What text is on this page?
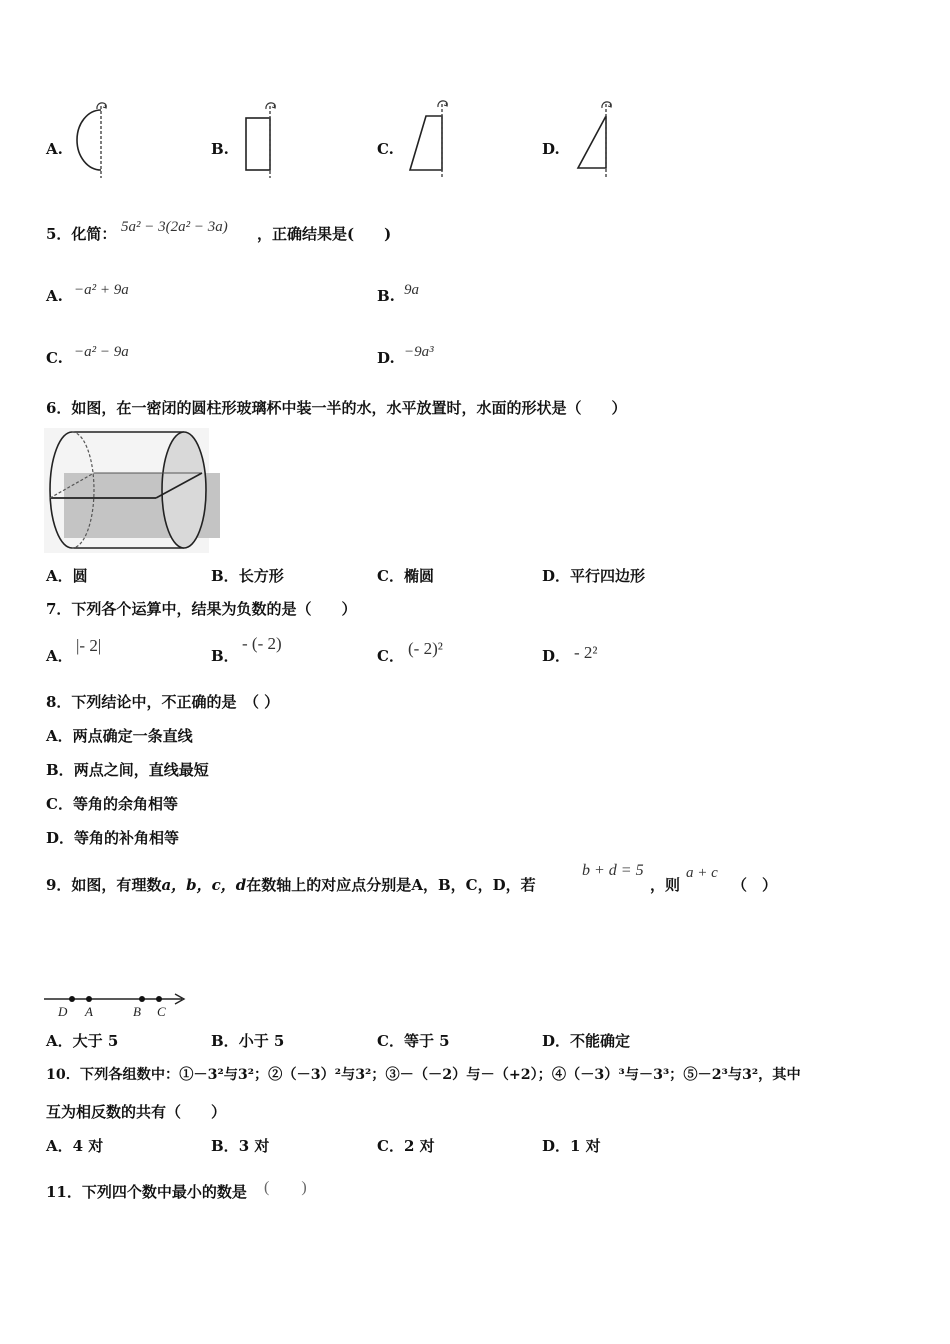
A.	B.	C.	D.
5．化简： 5a² − 3(2a² − 3a) ，正确结果是(　　)
A. −a² + 9a	B. 9a
C. −a² − 9a	D. −9a³
6．如图，在一密闭的圆柱形玻璃杯中装一半的水，水平放置时，水面的形状是（　　）
A．圆	B．长方形	C．椭圆	D．平行四边形
7．下列各个运算中，结果为负数的是（　　）
A．
|- 2|
B．
- (- 2)
C． (- 2)²	D． - 2²
8．下列结论中，不正确的是　（ ）
A．两点确定一条直线
B．两点之间，直线最短
C．等角的余角相等
D．等角的补角相等
9．如图，有理数a，b，c，d在数轴上的对应点分别是A，B，C，D，若
b + d = 5
，则
a + c
（　）
D A	B C
A．大于 5	B．小于 5	C．等于 5	D．不能确定
10．下列各组数中：①－3²与3²；②（－3）²与3²；③－（－2）与－（+2）；④（－3）³与－3³；⑤－2³与3²，其中
互为相反数的共有（　　）
A．4 对	B．3 对	C．2 对	D．1 对
11．下列四个数中最小的数是 (　　)
